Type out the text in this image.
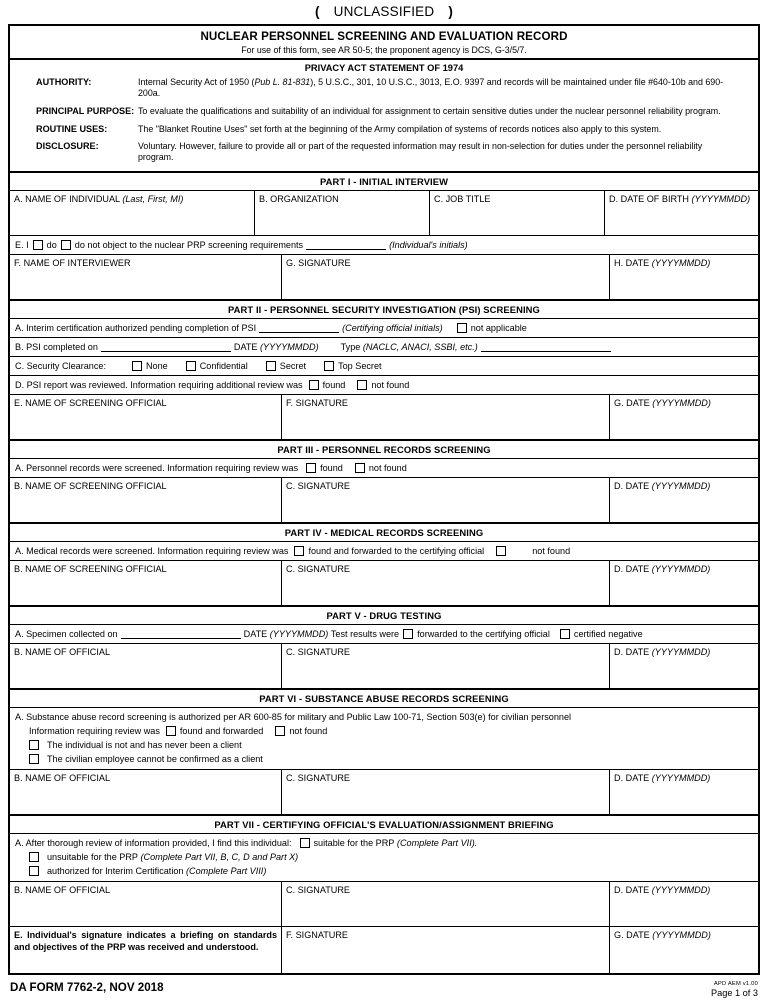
( UNCLASSIFIED )
NUCLEAR PERSONNEL SCREENING AND EVALUATION RECORD
For use of this form, see AR 50-5; the proponent agency is DCS, G-3/5/7.
PRIVACY ACT STATEMENT OF 1974
AUTHORITY:	Internal Security Act of 1950 (Pub L. 81-831), 5 U.S.C., 301, 10 U.S.C., 3013, E.O. 9397 and records will be maintained under file #640-10b and 690-200a.
PRINCIPAL PURPOSE: To evaluate the qualifications and suitability of an individual for assignment to certain sensitive duties under the nuclear personnel reliability program.
ROUTINE USES:	The "Blanket Routine Uses" set forth at the beginning of the Army compilation of systems of records notices also apply to this system.
DISCLOSURE:	Voluntary. However, failure to provide all or part of the requested information may result in non-selection for duties under the personnel reliability program.
PART I - INITIAL INTERVIEW
A. NAME OF INDIVIDUAL (Last, First, MI)	B. ORGANIZATION	C. JOB TITLE	D. DATE OF BIRTH (YYYYMMDD)
E. I do do not object to the nuclear PRP screening requirements	(Individual's initials)
F. NAME OF INTERVIEWER	G. SIGNATURE	H. DATE (YYYYMMDD)
PART II - PERSONNEL SECURITY INVESTIGATION (PSI) SCREENING
A. Interim certification authorized pending completion of PSI	(Certifying official initials)	not applicable
B. PSI completed on	DATE
(YYYYMMDD) Type
(NACLC, ANACI, SSBI, etc.)
C. Security Clearance:	None	Confidential	Secret	Top Secret
D. PSI report was reviewed. Information requiring additional review was found	not found
E. NAME OF SCREENING OFFICIAL	F. SIGNATURE	G. DATE (YYYYMMDD)
PART III - PERSONNEL RECORDS SCREENING
A. Personnel records were screened. Information requiring review was found	not found
B. NAME OF SCREENING OFFICIAL	C. SIGNATURE	D. DATE (YYYYMMDD)
PART IV - MEDICAL RECORDS SCREENING
A. Medical records were screened. Information requiring review was found and forwarded to the certifying official	not found
B. NAME OF SCREENING OFFICIAL	C. SIGNATURE	D. DATE (YYYYMMDD)
PART V - DRUG TESTING
A. Specimen collected on	DATE
(YYYYMMDD)
Test results were forwarded to the certifying official	certified negative
B. NAME OF OFFICIAL	C. SIGNATURE	D. DATE (YYYYMMDD)
PART VI - SUBSTANCE ABUSE RECORDS SCREENING
A. Substance abuse record screening is authorized per AR 600-85 for military and Public Law 100-71, Section 503(e) for civilian personnel
Information requiring review was found and forwarded	not found
The individual is not and has never been a client
The civilian employee cannot be confirmed as a client
B. NAME OF OFFICIAL	C. SIGNATURE	D. DATE (YYYYMMDD)
PART VII - CERTIFYING OFFICIAL'S EVALUATION/ASSIGNMENT BRIEFING
A. After thorough review of information provided, I find this individual: suitable for the PRP
(Complete Part VII).
unsuitable for the PRP
(Complete Part VII, B, C, D and Part X)
authorized for Interim Certification
(Complete Part VIII)
B. NAME OF OFFICIAL	C. SIGNATURE	D. DATE (YYYYMMDD)
E. Individual's signature indicates a briefing on standards and objectives of the PRP was received and understood.
F. SIGNATURE	G. DATE (YYYYMMDD)
DA FORM 7762-2, NOV 2018	APD AEM v1.00
Page 1 of 3
